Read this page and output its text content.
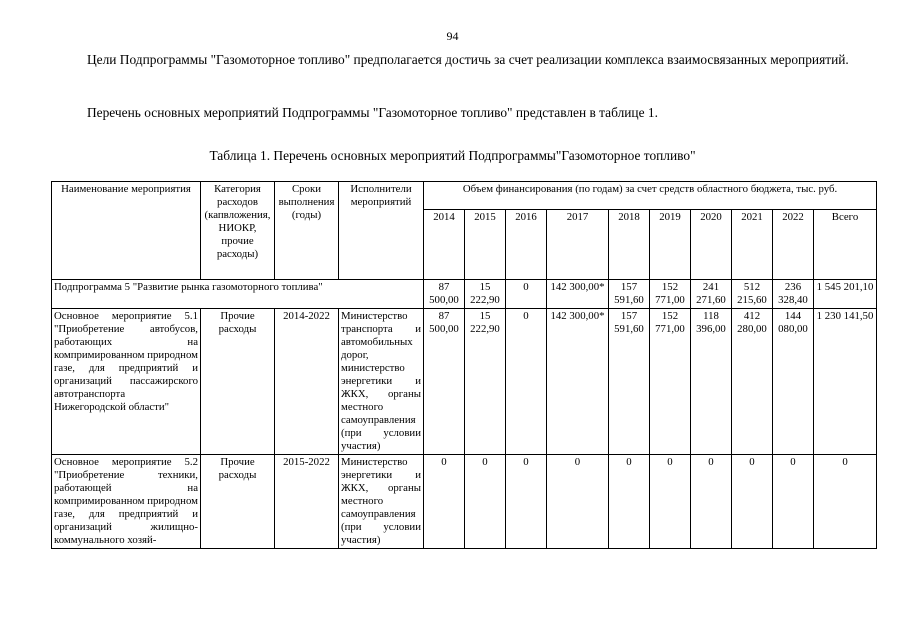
94

Цели Подпрограммы "Газомоторное топливо" предполагается достичь за счет реализации комплекса взаимосвязанных мероприятий.

Перечень основных мероприятий Подпрограммы "Газомоторное топливо" представлен в таблице 1.

Таблица 1. Перечень основных мероприятий Подпрограммы"Газомоторное топливо"
Наименование мероприятия	Категория расходов (капвложения, НИОКР, прочие расходы)	Сроки выполнения (годы)	Исполнители мероприятий	Объем финансирования (по годам) за счет средств областного бюджета, тыс. руб.									
				2014	2015	2016	2017	2018	2019	2020	2021	2022	Всего
Подпрограмма 5 "Развитие рынка газомоторного топлива"				87 500,00	15 222,90	0	142 300,00*	157 591,60	152 771,00	241 271,60	512 215,60	236 328,40	1 545 201,10
Основное мероприятие 5.1 "Приобретение автобусов, работающих на компримированном природном газе, для предприятий и организаций пассажирского автотранспорта Нижегородской области"	Прочие расходы	2014-2022	Министерство транспорта и автомобильных дорог, министерство энергетики и ЖКХ, органы местного самоуправления (при условии участия)	87 500,00	15 222,90	0	142 300,00*	157 591,60	152 771,00	118 396,00	412 280,00	144 080,00	1 230 141,50
Основное мероприятие 5.2 "Приобретение техники, работающей на компримированном природном газе, для предприятий и организаций жилищно-коммунального хозяй-	Прочие расходы	2015-2022	Министерство энергетики и ЖКХ, органы местного самоуправления (при условии участия)	0	0	0	0	0	0	0	0	0	0
